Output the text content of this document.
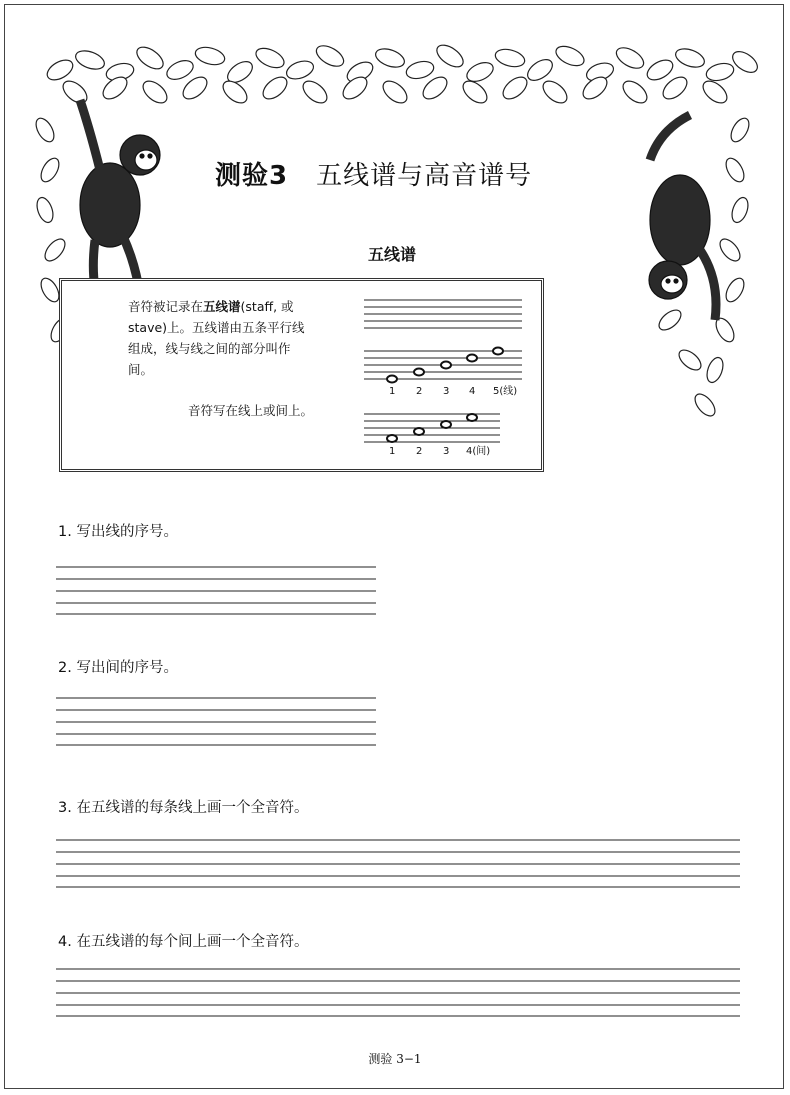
测验3 五线谱与高音谱号
五线谱
音符被记录在五线谱(staff, 或stave)上。五线谱由五条平行线组成，线与线之间的部分叫作间。
音符写在线上或间上。
1 2 3 4 5(线)
1 2 3 4(间)
1. 写出线的序号。
2. 写出间的序号。
3. 在五线谱的每条线上画一个全音符。
4. 在五线谱的每个间上画一个全音符。
测验 3−1
